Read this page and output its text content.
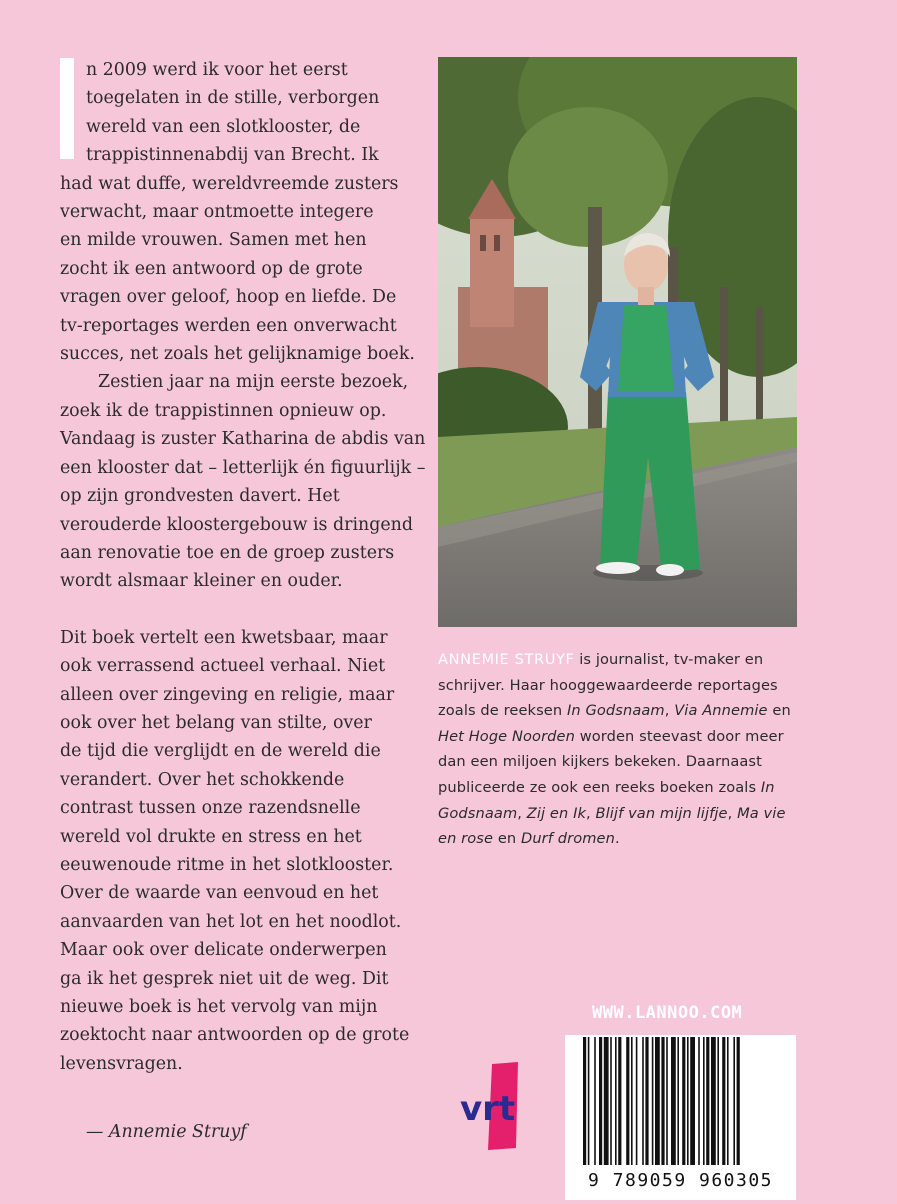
n 2009 werd ik voor het eerst

toegelaten in de stille, verborgen

wereld van een slotklooster, de

trappistinnenabdij van Brecht. Ik

had wat duffe, wereldvreemde zusters

verwacht, maar ontmoette integere

en milde vrouwen. Samen met hen

zocht ik een antwoord op de grote

vragen over geloof, hoop en liefde. De

tv-reportages werden een onverwacht

succes, net zoals het gelijknamige boek.

Zestien jaar na mijn eerste bezoek,

zoek ik de trappistinnen opnieuw op.

Vandaag is zuster Katharina de abdis van

een klooster dat – letterlijk én figuurlijk –

op zijn grondvesten davert. Het

verouderde kloostergebouw is dringend

aan renovatie toe en de groep zusters

wordt alsmaar kleiner en ouder.

Dit boek vertelt een kwetsbaar, maar

ook verrassend actueel verhaal. Niet

alleen over zingeving en religie, maar

ook over het belang van stilte, over

de tijd die verglijdt en de wereld die

verandert. Over het schokkende

contrast tussen onze razendsnelle

wereld vol drukte en stress en het

eeuwenoude ritme in het slotklooster.

Over de waarde van eenvoud en het

aanvaarden van het lot en het noodlot.

Maar ook over delicate onderwerpen

ga ik het gesprek niet uit de weg. Dit

nieuwe boek is het vervolg van mijn

zoektocht naar antwoorden op de grote

levensvragen.

— Annemie Struyf
ANNEMIE STRUYF is journalist, tv-maker en schrijver. Haar hooggewaardeerde reportages zoals de reeksen In Godsnaam, Via Annemie en Het Hoge Noorden worden steevast door meer dan een miljoen kijkers bekeken. Daarnaast publiceerde ze ook een reeks boeken zoals In Godsnaam, Zij en Ik, Blijf van mijn lijfje, Ma vie en rose en Durf dromen.
vrt
WWW.LANNOO.COM
9 789059 960305
